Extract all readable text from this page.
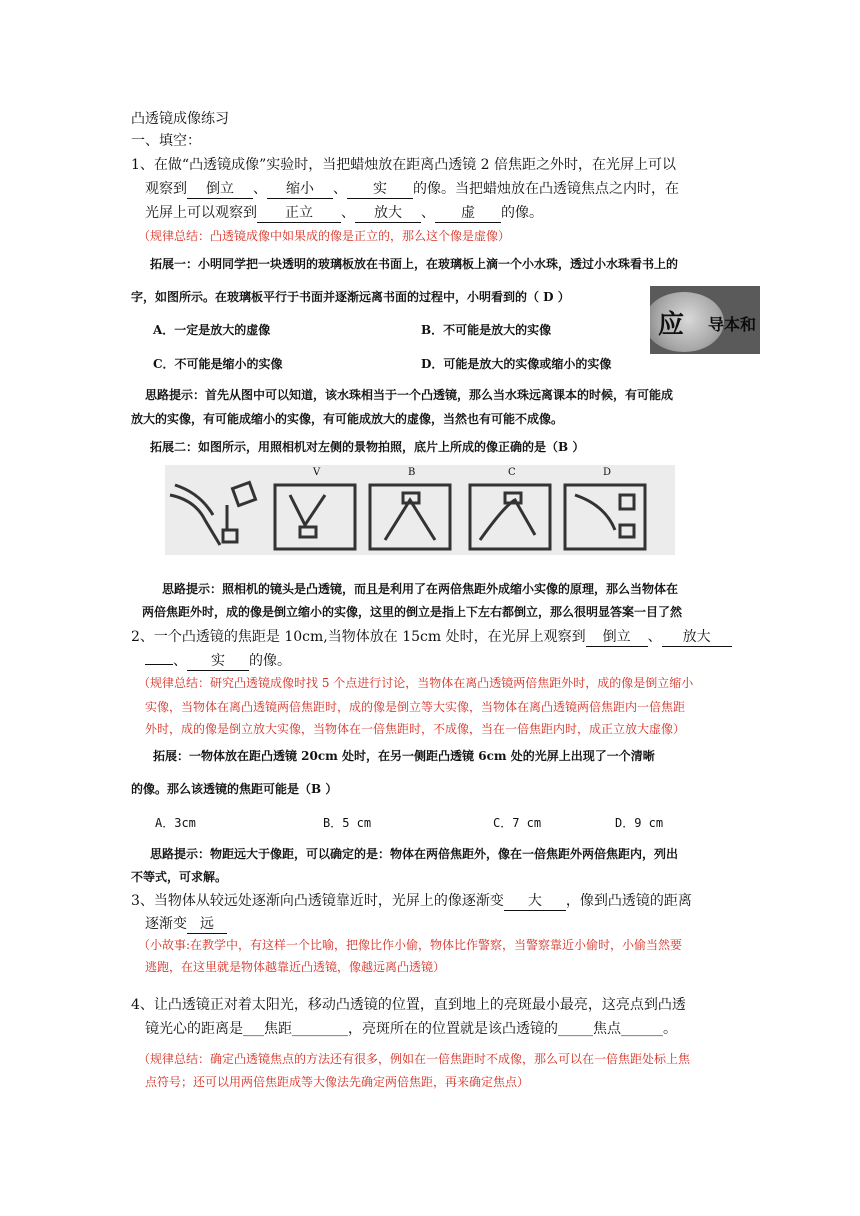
凸透镜成像练习
一、填空：
1、在做“凸透镜成像”实验时，当把蜡烛放在距离凸透镜 2 倍焦距之外时，在光屏上可以
观察到 倒立 、 缩小 、 实 的像。当把蜡烛放在凸透镜焦点之内时，在
光屏上可以观察到 正立 、 放大 、 虚 的像。
（规律总结：凸透镜成像中如果成的像是正立的，那么这个像是虚像）
拓展一：小明同学把一块透明的玻璃板放在书面上，在玻璃板上滴一个小水珠，透过小水珠看书上的
字，如图所示。在玻璃板平行于书面并逐渐远离书面的过程中，小明看到的（ D ）
A．一定是放大的虚像	B．不可能是放大的实像
C．不可能是缩小的实像	D．可能是放大的实像或缩小的实像
应 导本和
思路提示：首先从图中可以知道，该水珠相当于一个凸透镜，那么当水珠远离课本的时候，有可能成
放大的实像，有可能成缩小的实像，有可能成放大的虚像，当然也有可能不成像。
拓展二：如图所示，用照相机对左侧的景物拍照，底片上所成的像正确的是（B ）
V	B	C	D
思路提示：照相机的镜头是凸透镜，而且是利用了在两倍焦距外成缩小实像的原理，那么当物体在
两倍焦距外时，成的像是倒立缩小的实像，这里的倒立是指上下左右都倒立，那么很明显答案一目了然
2、一个凸透镜的焦距是 10cm,当物体放在 15cm 处时，在光屏上观察到 倒立 、 放大
、 实 的像。
（规律总结：研究凸透镜成像时找 5 个点进行讨论，当物体在离凸透镜两倍焦距外时，成的像是倒立缩小
实像，当物体在离凸透镜两倍焦距时，成的像是倒立等大实像，当物体在离凸透镜两倍焦距内一倍焦距
外时，成的像是倒立放大实像，当物体在一倍焦距时，不成像，当在一倍焦距内时，成正立放大虚像）
拓展：一物体放在距凸透镜 20cm 处时，在另一侧距凸透镜 6cm 处的光屏上出现了一个清晰
的像。那么该透镜的焦距可能是（B ）
A．3cm	B．5 cm	C．7 cm	D．9 cm
思路提示：物距远大于像距，可以确定的是：物体在两倍焦距外，像在一倍焦距外两倍焦距内，列出
不等式，可求解。
3、当物体从较远处逐渐向凸透镜靠近时，光屏上的像逐渐变 大 ，像到凸透镜的距离
逐渐变 远
（小故事:在教学中，有这样一个比喻，把像比作小偷，物体比作警察，当警察靠近小偷时，小偷当然要
逃跑，在这里就是物体越靠近凸透镜，像越远离凸透镜）
4、让凸透镜正对着太阳光，移动凸透镜的位置，直到地上的亮斑最小最亮，这亮点到凸透
镜光心的距离是___焦距________，亮斑所在的位置就是该凸透镜的_____焦点______。
（规律总结：确定凸透镜焦点的方法还有很多，例如在一倍焦距时不成像，那么可以在一倍焦距处标上焦
点符号；还可以用两倍焦距成等大像法先确定两倍焦距，再来确定焦点）
